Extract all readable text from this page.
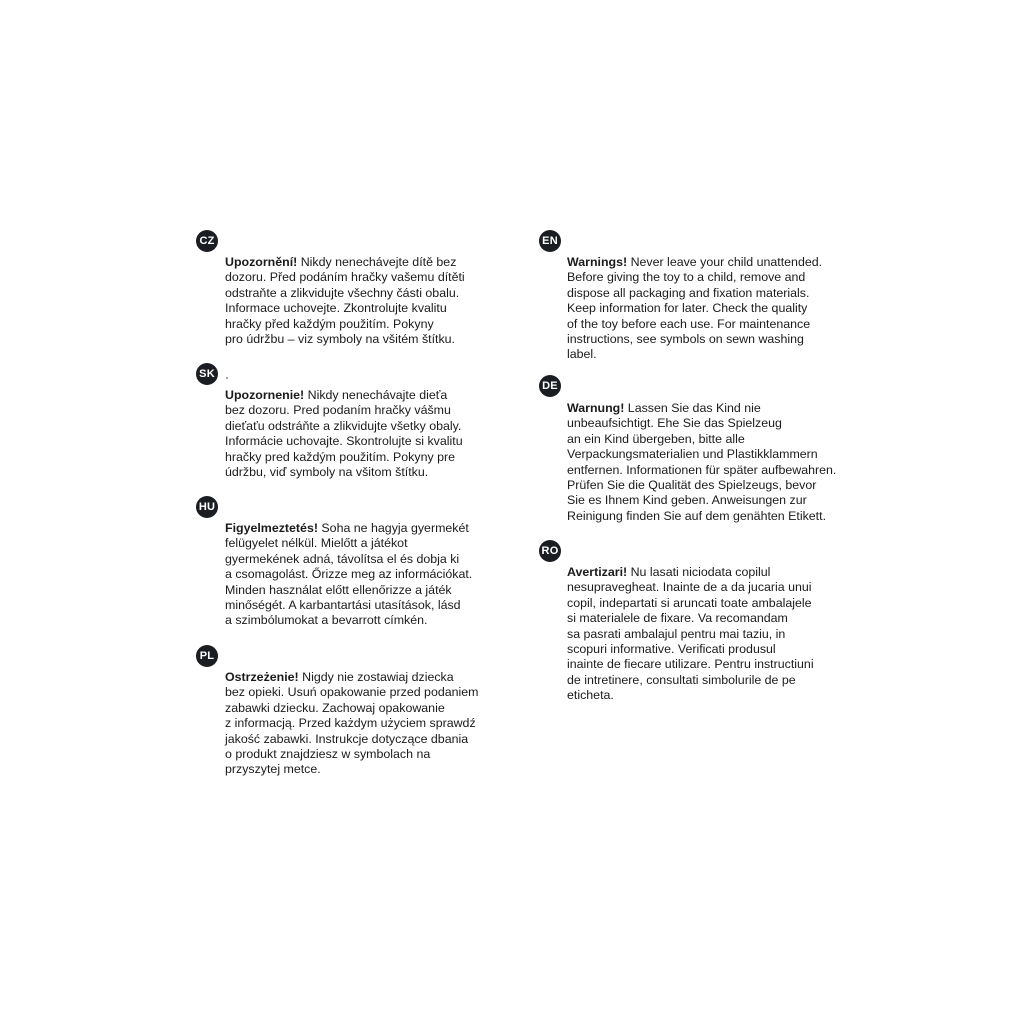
CZ
Upozornění! Nikdy nenechávejte dítě bez
dozoru. Před podáním hračky vašemu dítěti
odstraňte a zlikvidujte všechny části obalu.
Informace uchovejte. Zkontrolujte kvalitu
hračky před každým použitím. Pokyny
pro údržbu – viz symboly na všitém štítku.
SK
Upozornenie! Nikdy nenechávajte dieťa
bez dozoru. Pred podaním hračky vášmu
dieťaťu odstráňte a zlikvidujte všetky obaly.
Informácie uchovajte. Skontrolujte si kvalitu
hračky pred každým použitím. Pokyny pre
údržbu, viď symboly na všitom štítku.
HU
Figyelmeztetés! Soha ne hagyja gyermekét
felügyelet nélkül. Mielőtt a játékot
gyermekének adná, távolítsa el és dobja ki
a csomagolást. Őrizze meg az információkat.
Minden használat előtt ellenőrizze a játék
minőségét. A karbantartási utasítások, lásd
a szimbólumokat a bevarrott címkén.
PL
Ostrzeżenie! Nigdy nie zostawiaj dziecka
bez opieki. Usuń opakowanie przed podaniem
zabawki dziecku. Zachowaj opakowanie
z informacją. Przed każdym użyciem sprawdź
jakość zabawki. Instrukcje dotyczące dbania
o produkt znajdziesz w symbolach na
przyszytej metce.
EN
Warnings! Never leave your child unattended.
Before giving the toy to a child, remove and
dispose all packaging and fixation materials.
Keep information for later. Check the quality
of the toy before each use. For maintenance
instructions, see symbols on sewn washing
label.
DE
Warnung! Lassen Sie das Kind nie
unbeaufsichtigt. Ehe Sie das Spielzeug
an ein Kind übergeben, bitte alle
Verpackungsmaterialien und Plastikklammern
entfernen. Informationen für später aufbewahren.
Prüfen Sie die Qualität des Spielzeugs, bevor
Sie es Ihnem Kind geben. Anweisungen zur
Reinigung finden Sie auf dem genähten Etikett.
RO
Avertizari! Nu lasati niciodata copilul
nesupravegheat. Inainte de a da jucaria unui
copil, indepartati si aruncati toate ambalajele
si materialele de fixare. Va recomandam
sa pasrati ambalajul pentru mai taziu, in
scopuri informative. Verificati produsul
inainte de fiecare utilizare. Pentru instructiuni
de intretinere, consultati simbolurile de pe
eticheta.
